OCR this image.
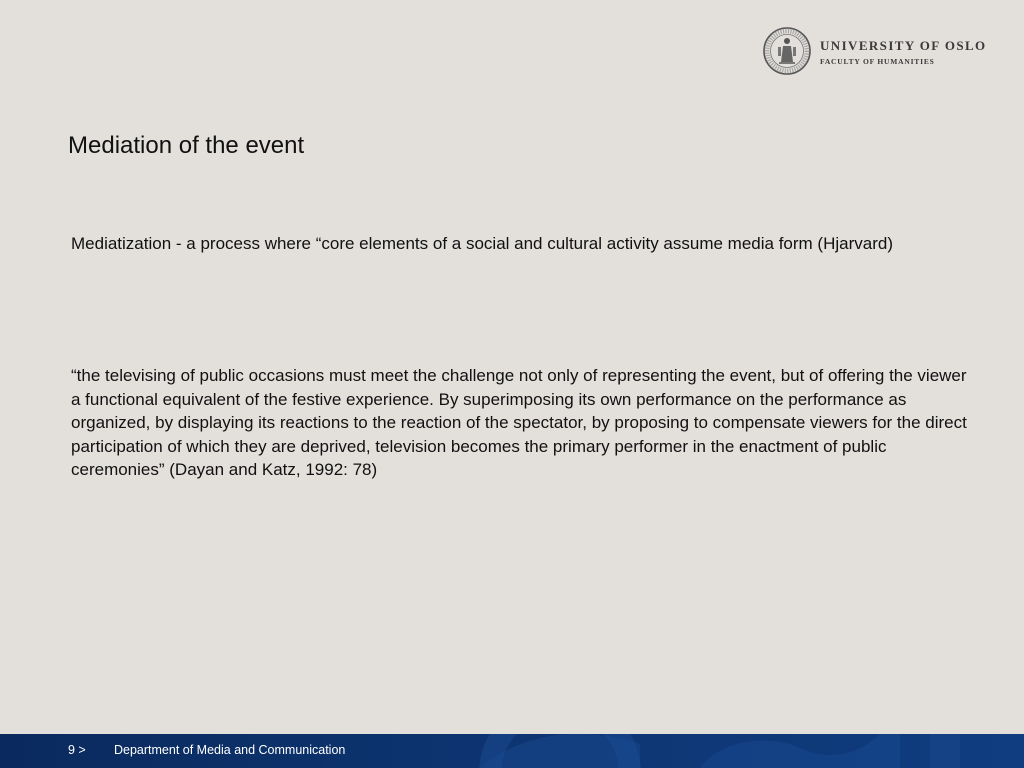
UNIVERSITY OF OSLO
FACULTY OF HUMANITIES
Mediation of the event

Mediatization - a process where “core elements of a social and cultural activity assume media form (Hjarvard)

“the televising of public occasions must meet the challenge not only of representing the event, but of offering the viewer a functional equivalent of the festive experience. By superimposing its own performance on the performance as organized, by displaying its reactions to the reaction of the spectator, by proposing to compensate viewers for the direct participation of which they are deprived, television becomes the primary performer in the enactment of public ceremonies” (Dayan and Katz, 1992: 78)

9 > Department of Media and Communication
